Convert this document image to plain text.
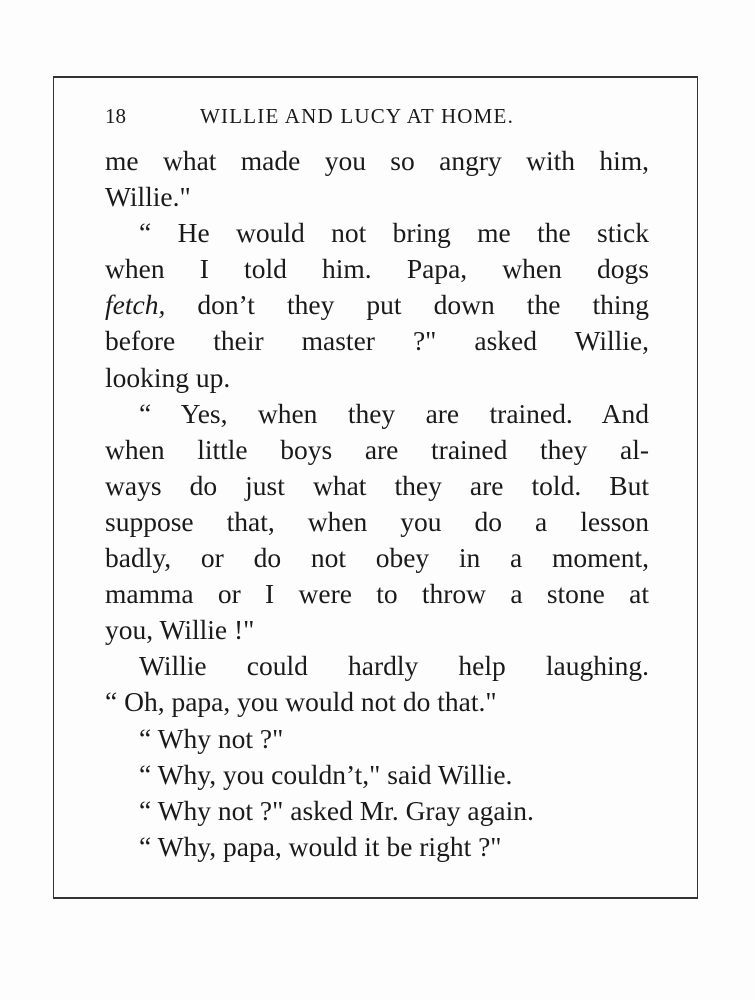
18	WILLIE AND LUCY AT HOME.
me what made you so angry with him,
Willie."
“ He would not bring me the stick
when I told him. Papa, when dogs
fetch, don’t they put down the thing
before their master ?" asked Willie,
looking up.
“ Yes, when they are trained. And
when little boys are trained they al-
ways do just what they are told. But
suppose that, when you do a lesson
badly, or do not obey in a moment,
mamma or I were to throw a stone at
you, Willie !"
Willie could hardly help laughing.
“ Oh, papa, you would not do that."
“ Why not ?"
“ Why, you couldn’t," said Willie.
“ Why not ?" asked Mr. Gray again.
“ Why, papa, would it be right ?"
